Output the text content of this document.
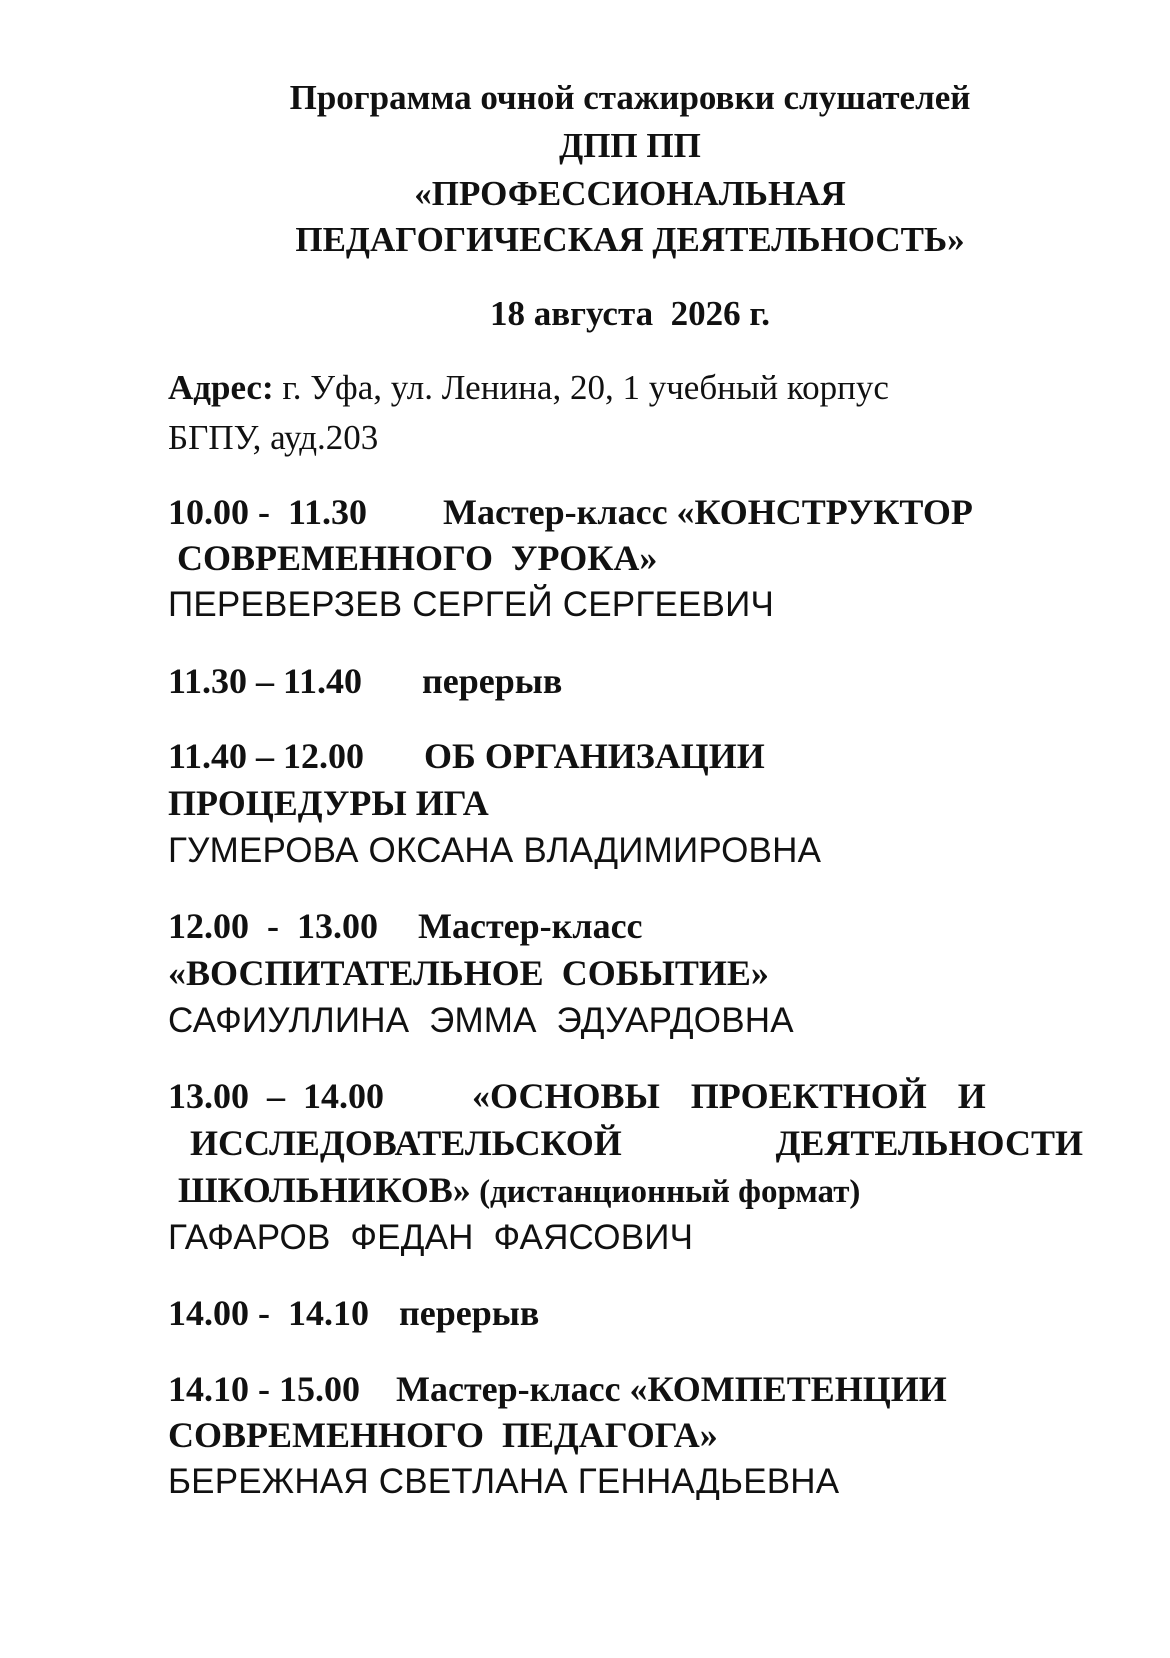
Программа очной стажировки слушателей
ДПП ПП
«ПРОФЕССИОНАЛЬНАЯ
ПЕДАГОГИЧЕСКАЯ ДЕЯТЕЛЬНОСТЬ»
18 августа  2026 г.
Адрес: г. Уфа, ул. Ленина, 20, 1 учебный корпус
БГПУ, ауд.203
10.00 -  11.30 Мастер-класс «КОНСТРУКТОР
СОВРЕМЕННОГО  УРОКА»
ПЕРЕВЕРЗЕВ СЕРГЕЙ СЕРГЕЕВИЧ
11.30 – 11.40 перерыв
11.40 – 12.00 ОБ ОРГАНИЗАЦИИ
ПРОЦЕДУРЫ ИГА
ГУМЕРОВА ОКСАНА ВЛАДИМИРОВНА
12.00  -  13.00 Мастер-класс
«ВОСПИТАТЕЛЬНОЕ  СОБЫТИЕ»
САФИУЛЛИНА  ЭММА  ЭДУАРДОВНА
13.00  –  14.00 «ОСНОВЫ ПРОЕКТНОЙ И
ИССЛЕДОВАТЕЛЬСКОЙ ДЕЯТЕЛЬНОСТИ
ШКОЛЬНИКОВ» (дистанционный формат)
ГАФАРОВ  ФЕДАН  ФАЯСОВИЧ
14.00 -  14.10 перерыв
14.10 - 15.00 Мастер-класс «КОМПЕТЕНЦИИ
СОВРЕМЕННОГО  ПЕДАГОГА»
БЕРЕЖНАЯ СВЕТЛАНА ГЕННАДЬЕВНА
